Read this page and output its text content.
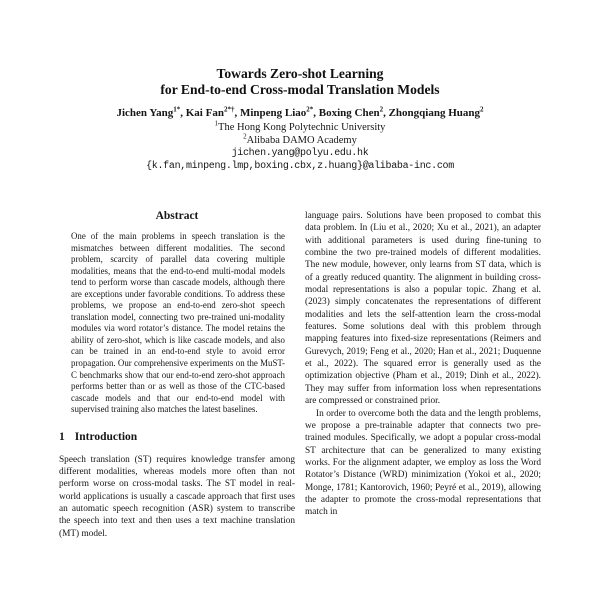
Towards Zero-shot Learning
for End-to-end Cross-modal Translation Models
Jichen Yang$^{1*}$, Kai Fan$^{2*\dagger}$, Minpeng Liao$^{2*}$, Boxing Chen$^2$, Zhongqiang Huang$^2$
$^1$The Hong Kong Polytechnic University
$^2$Alibaba DAMO Academy
jichen.yang@polyu.edu.hk
{k.fan,minpeng.lmp,boxing.cbx,z.huang}@alibaba-inc.com
Abstract

One of the main problems in speech translation is the mismatches between different modalities. The second problem, scarcity of parallel data covering multiple modalities, means that the end-to-end multi-modal models tend to perform worse than cascade models, although there are exceptions under favorable conditions. To address these problems, we propose an end-to-end zero-shot speech translation model, connecting two pre-trained uni-modality modules via word rotator’s distance. The model retains the ability of zero-shot, which is like cascade models, and also can be trained in an end-to-end style to avoid error propagation. Our comprehensive experiments on the MuST-C benchmarks show that our end-to-end zero-shot approach performs better than or as well as those of the CTC-based cascade models and that our end-to-end model with supervised training also matches the latest baselines.

1 Introduction

Speech translation (ST) requires knowledge transfer among different modalities, whereas models more often than not perform worse on cross-modal tasks. The ST model in real-world applications is usually a cascade approach that first uses an automatic speech recognition (ASR) system to transcribe the speech into text and then uses a text machine translation (MT) model.

language pairs. Solutions have been proposed to combat this data problem. In (Liu et al., 2020; Xu et al., 2021), an adapter with additional parameters is used during fine-tuning to combine the two pre-trained models of different modalities. The new module, however, only learns from ST data, which is of a greatly reduced quantity. The alignment in building cross-modal representations is also a popular topic. Zhang et al. (2023) simply concatenates the representations of different modalities and lets the self-attention learn the cross-modal features. Some solutions deal with this problem through mapping features into fixed-size representations (Reimers and Gurevych, 2019; Feng et al., 2020; Han et al., 2021; Duquenne et al., 2022). The squared error is generally used as the optimization objective (Pham et al., 2019; Dinh et al., 2022). They may suffer from information loss when representations are compressed or constrained prior.

In order to overcome both the data and the length problems, we propose a pre-trainable adapter that connects two pre-trained modules. Specifically, we adopt a popular cross-modal ST architecture that can be generalized to many existing works. For the alignment adapter, we employ as loss the Word Rotator’s Distance (WRD) minimization (Yokoi et al., 2020; Monge, 1781; Kantorovich, 1960; Peyré et al., 2019), allowing the adapter to promote the cross-modal representations that match in
